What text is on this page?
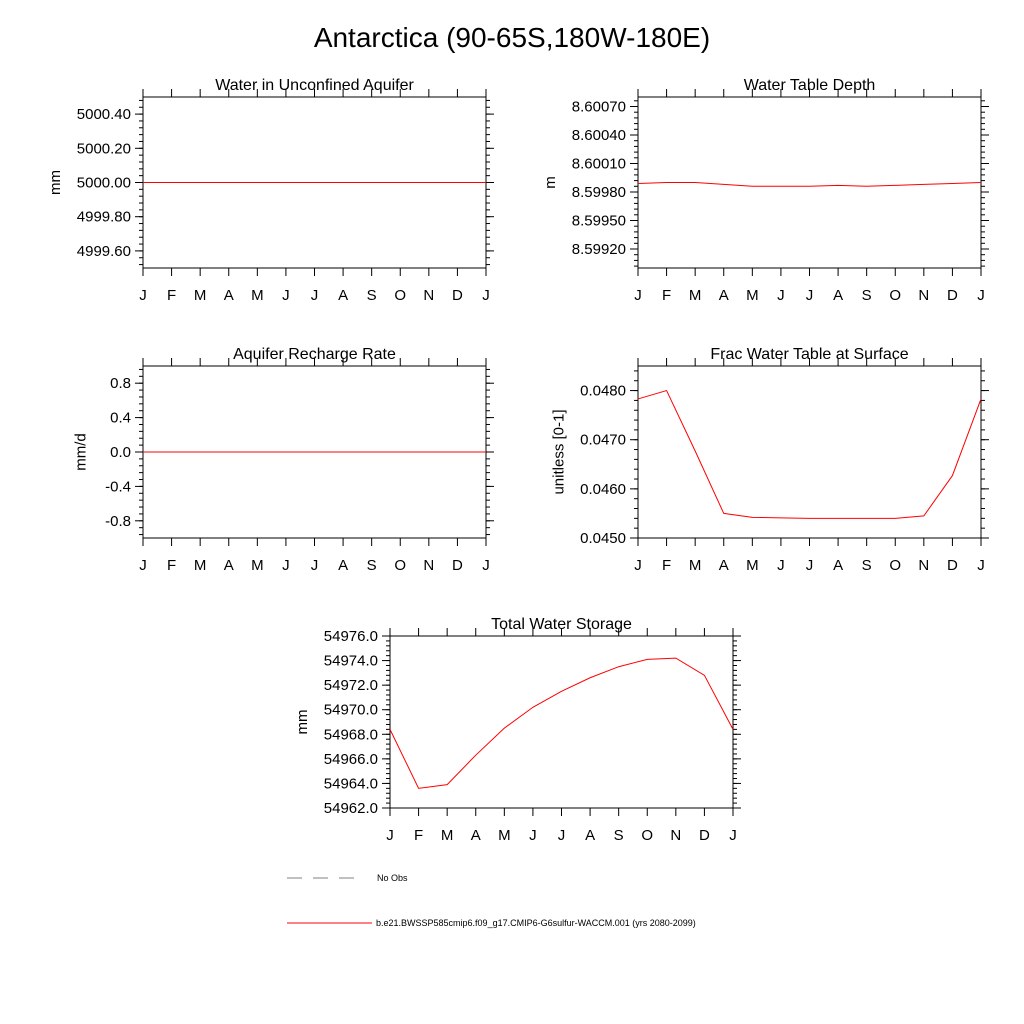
Antarctica (90-65S,180W-180E)
Water in Unconfined Aquifer
J F M A M J J A S O N D J
4999.60
4999.80
5000.00
5000.20
5000.40
mm
Water Table Depth
J F M A M J J A S O N D J
8.59920
8.59950
8.59980
8.60010
8.60040
8.60070
m
Aquifer Recharge Rate
J F M A M J J A S O N D J
-0.8
-0.4
0.0
0.4
0.8
mm/d
Frac Water Table at Surface
J F M A M J J A S O N D J
0.0450
0.0460
0.0470
0.0480
unitless [0-1]
Total Water Storage
J F M A M J J A S O N D J
54962.0
54964.0
54966.0
54968.0
54970.0
54972.0
54974.0
54976.0
mm
No Obs
b.e21.BWSSP585cmip6.f09_g17.CMIP6-G6sulfur-WACCM.001 (yrs 2080-2099)
